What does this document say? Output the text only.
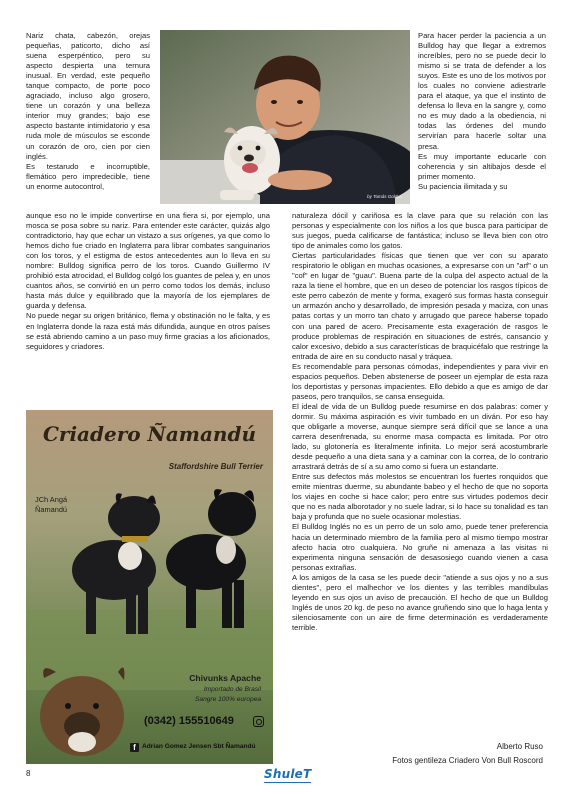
Nariz chata, cabezón, orejas pequeñas, paticorto, dicho así suena esperpéntico, pero su aspecto despierta una ternura inusual. En verdad, este pequeño tanque compacto, de porte poco agraciado, incluso algo grosero, tiene un corazón y una belleza interior muy grandes; bajo ese aspecto bastante intimidatorio y esa ruda mole de músculos se esconde un corazón de oro, cien por cien inglés.

Es testarudo e incorruptible, flemático pero impredecible, tiene un enorme autocontrol,

by Tomás Goldus

Para hacer perder la paciencia a un Bulldog hay que llegar a extremos increíbles, pero no se puede decir lo mismo si se trata de defender a los suyos. Este es uno de los motivos por los cuales no conviene adiestrarle para el ataque, ya que el instinto de defensa lo lleva en la sangre y, como no es muy dado a la obediencia, ni todas las órdenes del mundo servirían para hacerle soltar una presa.

Es muy importante educarle con coherencia y sin altibajos desde el primer momento.

Su paciencia ilimitada y su

aunque eso no le impide convertirse en una fiera si, por ejemplo, una mosca se posa sobre su nariz. Para entender este carácter, quizás algo contradictorio, hay que echar un vistazo a sus orígenes, ya que como lo hemos dicho fue criado en Inglaterra para librar combates sanguinarios con los toros, y el estigma de estos antecedentes aun lo lleva en su nombre: Bulldog significa perro de los toros. Cuando Guillermo IV prohibió esta atrocidad, el Bulldog colgó los guantes de pelea y, en unos cuantos años, se convirtió en un perro como todos los demás, incluso hasta más dulce y equilibrado que la mayoría de los ejemplares de guarda y defensa.

No puede negar su origen británico, flema y obstinación no le falta, y es en Inglaterra donde la raza está más difundida, aunque en otros países se está abriendo camino a un paso muy firme gracias a los aficionados, seguidores y criadores.

naturaleza dócil y cariñosa es la clave para que su relación con las personas y especialmente con los niños a los que busca para participar de sus juegos, pueda calificarse de fantástica; incluso se lleva bien con otro tipo de animales como los gatos.

Ciertas particularidades físicas que tienen que ver con su aparato respiratorio le obligan en muchas ocasiones, a expresarse con un "arf" o un "cof" en lugar de "guau". Buena parte de la culpa del aspecto actual de la raza la tiene el hombre, que en un deseo de potenciar los rasgos típicos de este perro cabezón de mente y forma, exageró sus formas hasta conseguir un armazón ancho y desarrollado, de impresión pesada y maciza, con unas patas cortas y un morro tan chato y arrugado que parece haberse topado con una pared de acero. Precisamente esta exageración de rasgos le produce problemas de respiración en situaciones de estrés, cansancio y calor excesivo, debido a sus características de braquicéfalo que restringe la entrada de aire en su conducto nasal y tráquea.

Es recomendable para personas cómodas, independientes y para vivir en espacios pequeños. Deben abstenerse de poseer un ejemplar de esta raza los deportistas y personas impacientes. Ello debido a que es amigo de dar paseos, pero tranquilos, se cansa enseguida.

El ideal de vida de un Bulldog puede resumirse en dos palabras: comer y dormir. Su máxima aspiración es vivir tumbado en un diván. Por eso hay que obligarle a moverse, aunque siempre será difícil que se lance a una carrera desenfrenada, su enorme masa compacta es limitada. Por otro lado, su glotonería es literalmente infinita. Lo mejor será acostumbrarle desde pequeño a una dieta sana y a caminar con la correa, de lo contrario arrastrará detrás de sí a su amo como si fuera un estandarte.

Entre sus defectos más molestos se encuentran los fuertes ronquidos que emite mientras duerme, su abundante babeo y el hecho de que no soporta los viajes en coche si hace calor; pero entre sus virtudes podemos decir que no es nada alborotador y no suele ladrar, si lo hace su tonalidad es tan baja y profunda que no suele ocasionar molestias.

El Bulldog Inglés no es un perro de un solo amo, puede tener preferencia hacia un determinado miembro de la familia pero al mismo tiempo mostrar afecto hacia otro cualquiera. No gruñe ni amenaza a las visitas ni experimenta ninguna sensación de desasosiego cuando vienen a casa personas extrañas.

A los amigos de la casa se les puede decir "atiende a sus ojos y no a sus dientes", pero el malhechor ve los dientes y las terribles mandíbulas leyendo en sus ojos un aviso de precaución. El hecho de que un Bulldog Inglés de unos 20 kg. de peso no avance gruñendo sino que lo haga lenta y silenciosamente con un aire de firme determinación es verdaderamente terrible.

Criadero Ñamandú
Staffordshire Bull Terrier
JCh Angá
Ñamandú
Chivunks Apache
Importado de Brasil
Sangre 100% europea
(0342) 155510649
f Adrian Gomez Jensen Sbt Ñamandú	Alberto Ruso
Fotos gentileza Criadero Von Bull Roscord
8	ShuleT
